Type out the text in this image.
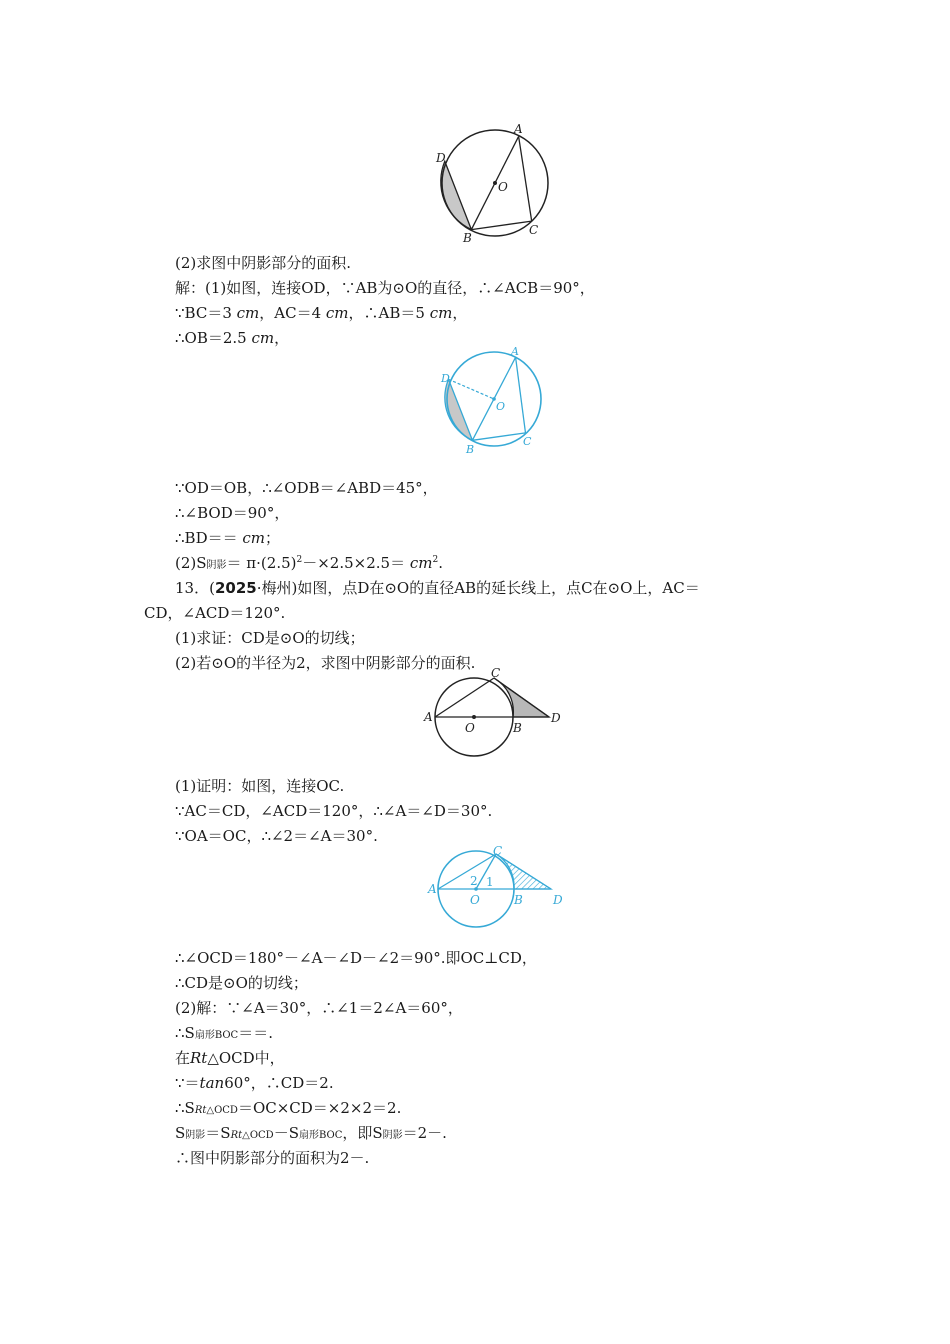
A
B
C
D
O
(2)求图中阴影部分的面积.
解：(1)如图，连接OD，∵AB为⊙O的直径，∴∠ACB＝90°，
∵BC＝3 cm，AC＝4 cm，∴AB＝5 cm，
∴OB＝2.5 cm，
A
B
C
D
O
∵OD＝OB，∴∠ODB＝∠ABD＝45°，
∴∠BOD＝90°，
∴BD＝＝ cm；
(2)S阴影＝ $\pi\cdot(2.5)^2-\times 2.5\times 2.5= cm^2$.
13．(2025·梅州)如图，点D在⊙O的直径AB的延长线上，点C在⊙O上，AC＝
CD，∠ACD＝120°.
(1)求证：CD是⊙O的切线；
(2)若⊙O的半径为2，求图中阴影部分的面积.
A
B
C
D
O
(1)证明：如图，连接OC.
∵AC＝CD，∠ACD＝120°，∴∠A＝∠D＝30°.
∵OA＝OC，∴∠2＝∠A＝30°.
A
B
C
D
O
2 1
∴∠OCD＝180°－∠A－∠D－∠2＝90°.即OC⊥CD，
∴CD是⊙O的切线；
(2)解：∵∠A＝30°，∴∠1＝2∠A＝60°，
∴S扇形BOC＝＝.
在Rt△OCD中，
∵＝tan60°，∴CD＝2.
∴SRt△OCD＝OC×CD＝×2×2＝2.
S阴影＝SRt△OCD－S扇形BOC，即S阴影＝2－.
∴图中阴影部分的面积为2－.
